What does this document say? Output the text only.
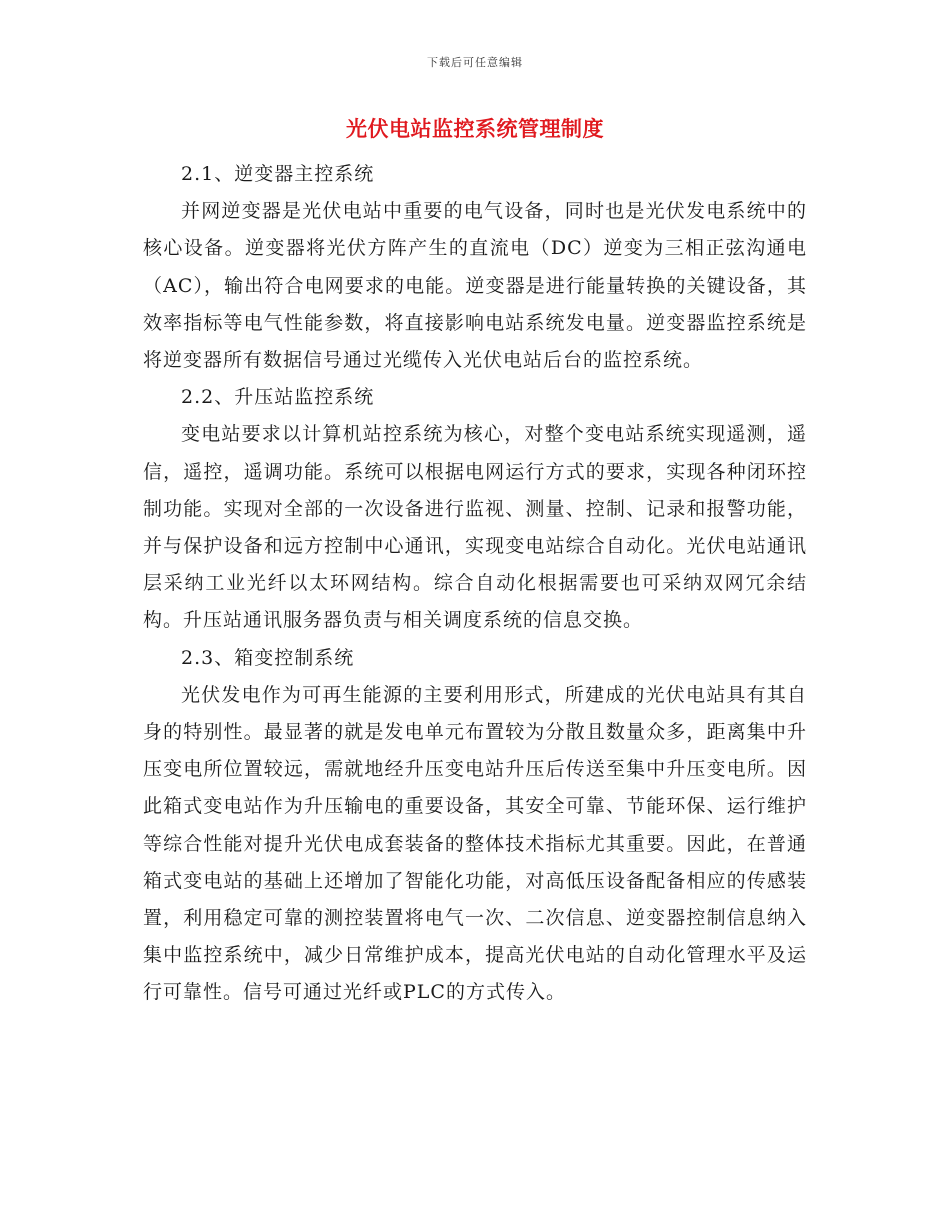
下载后可任意编辑
光伏电站监控系统管理制度

2.1、逆变器主控系统

并网逆变器是光伏电站中重要的电气设备，同时也是光伏发电系统中的核心设备。逆变器将光伏方阵产生的直流电（DC）逆变为三相正弦沟通电（AC），输出符合电网要求的电能。逆变器是进行能量转换的关键设备，其效率指标等电气性能参数，将直接影响电站系统发电量。逆变器监控系统是将逆变器所有数据信号通过光缆传入光伏电站后台的监控系统。

2.2、升压站监控系统

变电站要求以计算机站控系统为核心，对整个变电站系统实现遥测，遥信，遥控，遥调功能。系统可以根据电网运行方式的要求，实现各种闭环控制功能。实现对全部的一次设备进行监视、测量、控制、记录和报警功能，并与保护设备和远方控制中心通讯，实现变电站综合自动化。光伏电站通讯层采纳工业光纤以太环网结构。综合自动化根据需要也可采纳双网冗余结构。升压站通讯服务器负责与相关调度系统的信息交换。

2.3、箱变控制系统

光伏发电作为可再生能源的主要利用形式，所建成的光伏电站具有其自身的特别性。最显著的就是发电单元布置较为分散且数量众多，距离集中升压变电所位置较远，需就地经升压变电站升压后传送至集中升压变电所。因此箱式变电站作为升压输电的重要设备，其安全可靠、节能环保、运行维护等综合性能对提升光伏电成套装备的整体技术指标尤其重要。因此，在普通箱式变电站的基础上还增加了智能化功能，对高低压设备配备相应的传感装置，利用稳定可靠的测控装置将电气一次、二次信息、逆变器控制信息纳入集中监控系统中，减少日常维护成本，提高光伏电站的自动化管理水平及运行可靠性。信号可通过光纤或PLC的方式传入。
